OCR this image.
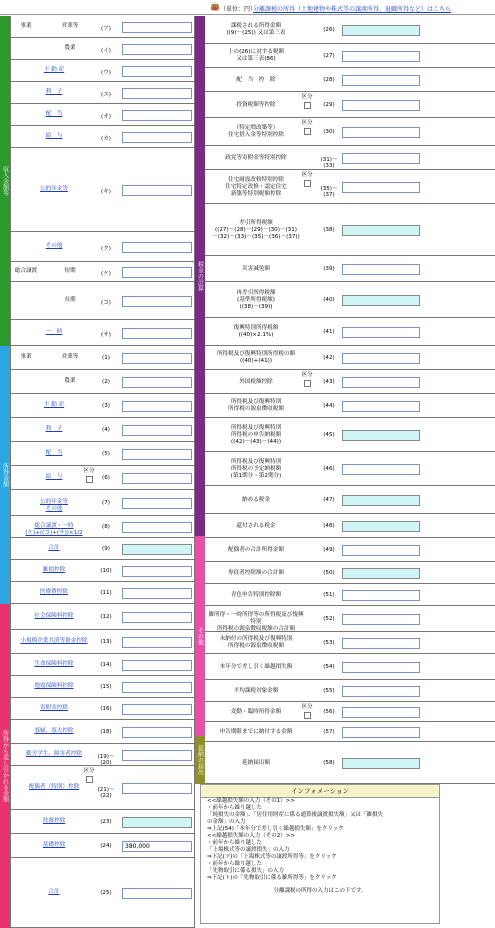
👜 （単位：円）
分離課税の所得（土地建物や株式等の譲渡所得、退職所得など）はこちら
収入金額等
所得金額
所得から差し引かれる金額
税金の計算
その他
延納の届出
事業	営業等	(ア)
農業	(イ)
不 動 産	(ウ)
利　子	(エ)
配　当	(オ)
給　与	(カ)
公的年金等	(キ)
その他	(ク)
総合譲渡	短期	(ケ)
長期	(コ)
一　時	(サ)
事業	営業等	(1)
農業	(2)
不 動 産	(3)
利　子	(4)
配　当	(5)
給　与	(6)
区分
公的年金等
その他
(7)
総合譲渡・一時
(ケ)+((コ)+(サ))×1/2
(8)
合計	(9)
雑損控除	(10)
医療費控除	(11)
社会保険料控除	(12)
小規模企業共済等掛金控除	(13)
生命保険料控除	(14)
地震保険料控除	(15)
寄附金控除	(16)
寡婦、寡夫控除	(18)
勤労学生、障害者控除	(19)～(20)
配偶者（特別）控除	(21)～(22)
区分
扶養控除	(23)
基礎控除	(24)	380,000
合計	(25)
課税される所得金額
((9)－(25)) 又は第三表	(26)
上の(26)に対する税額
又は第三表(86)	(27)
配　当　控　除	(28)
投資税額等控除	(29)
区分
（特定増改築等）
住宅借入金等特別控除	(30)
区分
政党等寄附金等特別控除	(31)～(33)
住宅耐震改修特別控除
住宅特定改修・認定住宅
新築等特別税額控除
(35)～(37)
区分
差引所得税額
((27)－(28)－(29)－(30)－(31)
－(32)－(33)－(35)－(36)－(37))
(38)
災害減免額	(39)
再差引所得税額
(基準所得税額)
((38)－(39))
(40)
復興特別所得税額
((40)×2.1%)	(41)
所得税及び復興特別所得税の額
((40)+(41))	(42)
外国税額控除	(43)
区分
所得税及び復興特別
所得税の源泉徴収税額	(44)
所得税及び復興特別
所得税の申告納税額
((42)－(43)－(44))
(45)
所得税及び復興特別
所得税の予定納税額
(第1期分・第2期分)
(46)
納める税金	(47)
還付される税金	(48)
配偶者の合計所得金額	(49)
専従者控除額の合計額	(50)
青色申告特別控除額	(51)
雑所得・一時所得等の所得税及び復興特別
所得税の源泉徴収税額の合計額
(52)
未納付の所得税及び復興特別
所得税の源泉徴収税額	(53)
本年分で差し引く繰越損失額	(54)
平均課税対象金額	(55)
変動・臨時所得金額	(56)
区分
申告期限までに納付する金額	(57)
延納届出額	(58)
インフォメーション

<<繰越損失額の入力（その1）>>

・前年から繰り越した

「純損失の金額」、「居住用財産に係る通算後譲渡損失額」又は「雑損失

の金額」の入力

⇒上記(54)「本年分で差し引く繰越損失額」をクリック

<<繰越損失額の入力（その2）>>

・前年から繰り越した

「上場株式等の譲渡損失」の入力

⇒下記(ツ)の「上場株式等の譲渡所得等」をクリック

・前年から繰り越した

「先物取引に係る損失」の入力

⇒下記(ト)の「先物取引に係る雑所得等」をクリック

分離課税の所得の入力はこの下です。
